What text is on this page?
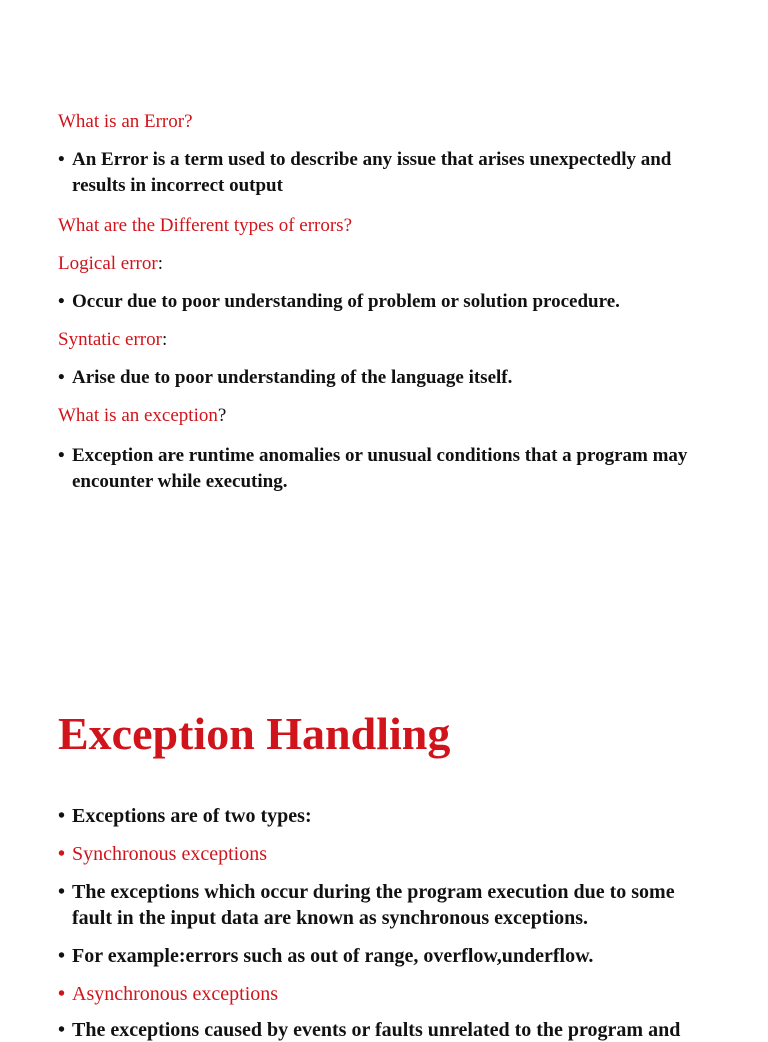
What is an Error?
• An Error is a term used to describe any issue that arises unexpectedly and
results in incorrect output
What are the Different types of errors?
Logical error:
• Occur due to poor understanding of problem or solution procedure.
Syntatic error:
• Arise due to poor understanding of the language itself.
What is an exception?
• Exception are runtime anomalies or unusual conditions that a program may
encounter while executing.
Exception Handling
• Exceptions are of two types:
• Synchronous exceptions
• The exceptions which occur during the program execution due to some
fault in the input data are known as synchronous exceptions.
• For example:errors such as out of range, overflow,underflow.
• Asynchronous exceptions
• The exceptions caused by events or faults unrelated to the program and
